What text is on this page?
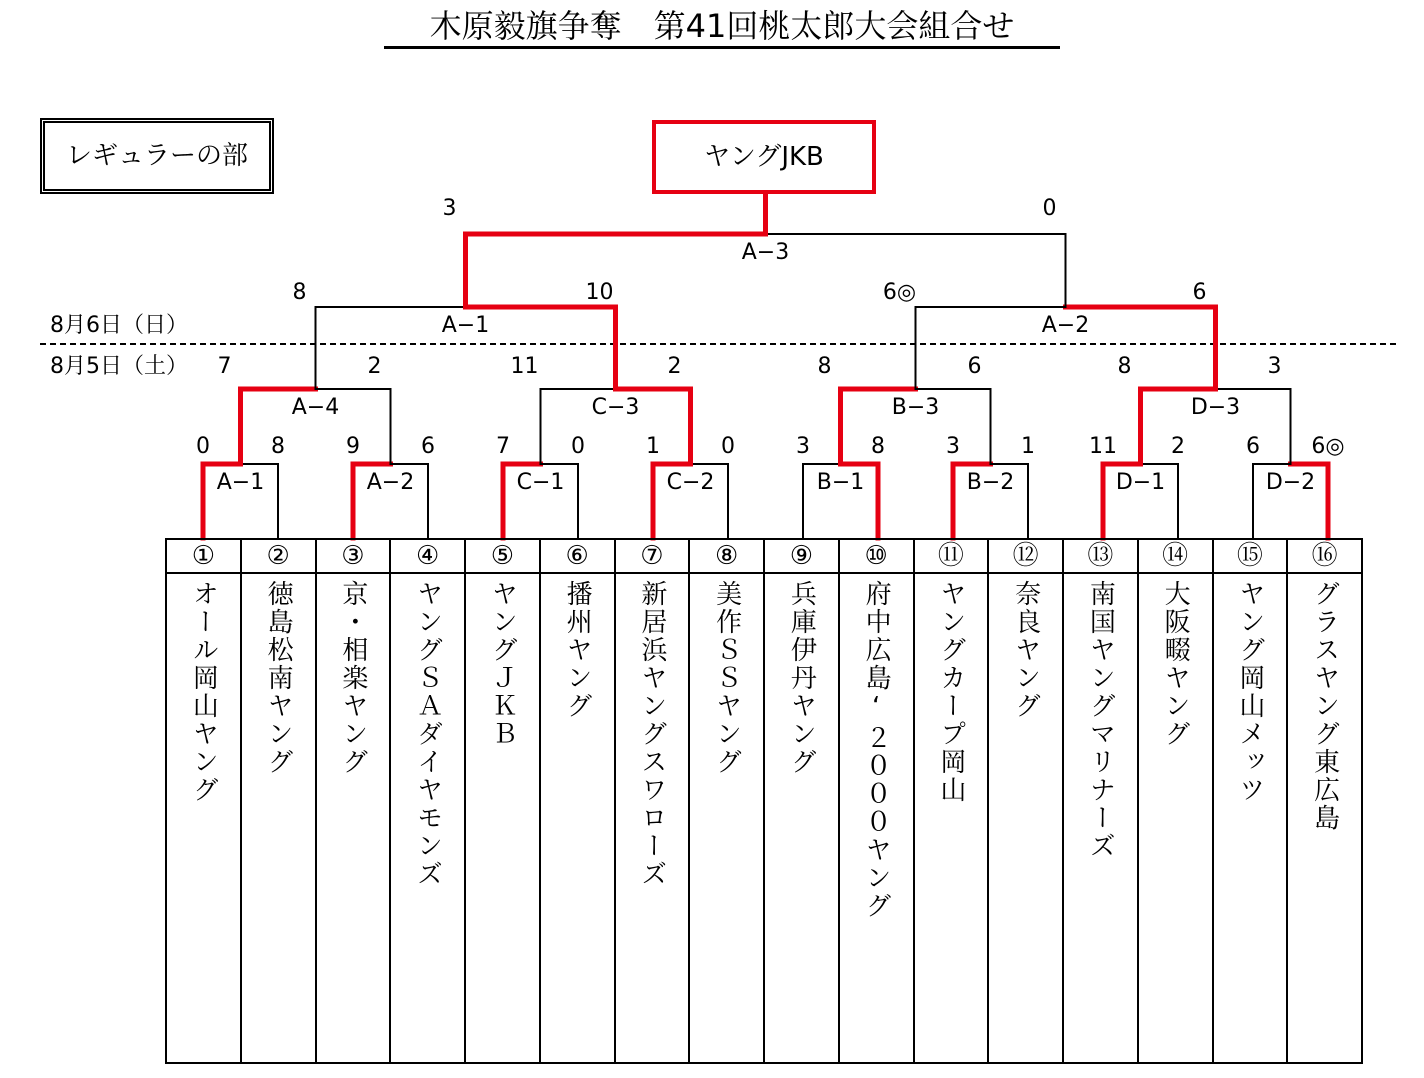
木原毅旗争奪　第41回桃太郎大会組合せ
レギュラーの部	ヤングJKB
8月6日（日）
8月5日（土）
A−1
0	8
A−2
9	6
C−1
7	0
C−2
1	0
B−1
3	8
B−2
3	1
D−1
11 2
D−2
6 6◎
A−4
7	2
C−3
11	2
B−3
8	6
D−3
8	3
A−1
8	10
A−2
6◎	6
A−3
3	0
①
オール岡山ヤング
②
徳島松南ヤング
③
京・相楽ヤング
④
ヤングＳＡダイヤモンズ
⑤
ヤングＪＫＢ
⑥
播州ヤング
⑦
新居浜ヤングスワローズ
⑧
美作ＳＳヤング
⑨
兵庫伊丹ヤング
⑩
府中広島‘２０００ヤング
⑪
ヤングカープ岡山
⑫
奈良ヤング
⑬
南国ヤングマリナーズ
⑭
大阪畷ヤング
⑮
ヤング岡山メッツ
⑯
グラスヤング東広島
